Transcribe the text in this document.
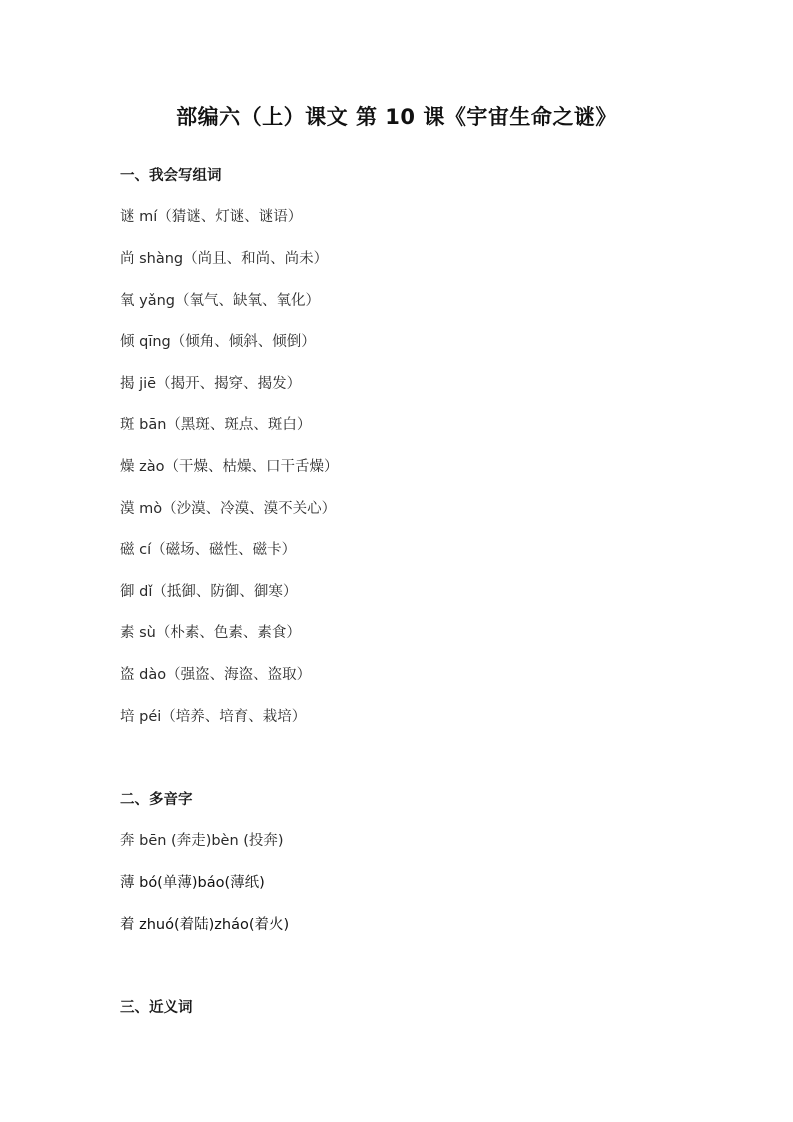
部编六（上）课文 第 10 课《宇宙生命之谜》
一、我会写组词
谜 mí（猜谜、灯谜、谜语）
尚 shàng（尚且、和尚、尚未）
氧 yǎng（氧气、缺氧、氧化）
倾 qīng（倾角、倾斜、倾倒）
揭 jiē（揭开、揭穿、揭发）
斑 bān（黑斑、斑点、斑白）
燥 zào（干燥、枯燥、口干舌燥）
漠 mò（沙漠、冷漠、漠不关心）
磁 cí（磁场、磁性、磁卡）
御 dǐ（抵御、防御、御寒）
素 sù（朴素、色素、素食）
盗 dào（强盗、海盗、盗取）
培 péi（培养、培育、栽培）
二、多音字
奔 bēn (奔走)bèn (投奔)
薄 bó(单薄)báo(薄纸)
着 zhuó(着陆)zháo(着火)
三、近义词
